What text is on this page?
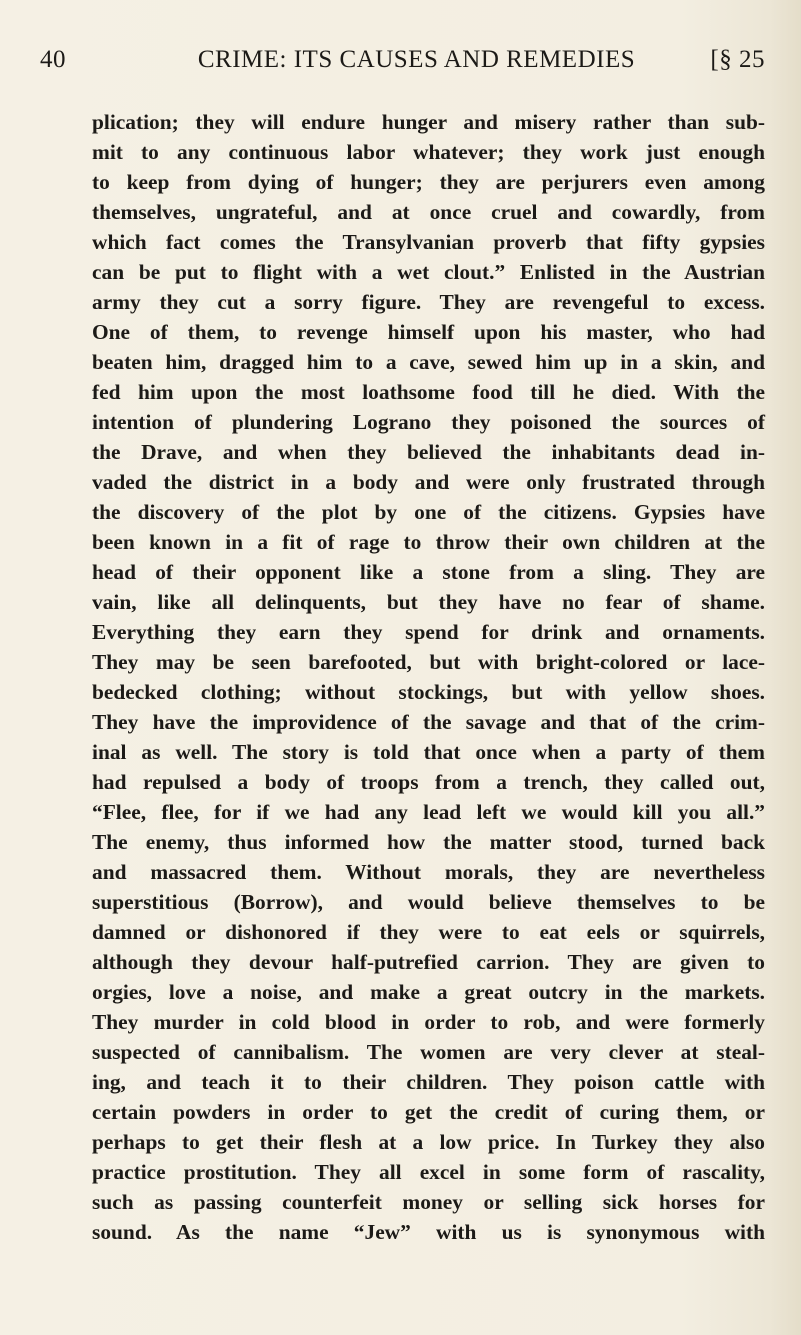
40	CRIME: ITS CAUSES AND REMEDIES	[§ 25
plication; they will endure hunger and misery rather than sub-
mit to any continuous labor whatever; they work just enough
to keep from dying of hunger; they are perjurers even among
themselves, ungrateful, and at once cruel and cowardly, from
which fact comes the Transylvanian proverb that fifty gypsies
can be put to flight with a wet clout.” Enlisted in the Austrian
army they cut a sorry figure. They are revengeful to excess.
One of them, to revenge himself upon his master, who had
beaten him, dragged him to a cave, sewed him up in a skin, and
fed him upon the most loathsome food till he died. With the
intention of plundering Lograno they poisoned the sources of
the Drave, and when they believed the inhabitants dead in-
vaded the district in a body and were only frustrated through
the discovery of the plot by one of the citizens. Gypsies have
been known in a fit of rage to throw their own children at the
head of their opponent like a stone from a sling. They are
vain, like all delinquents, but they have no fear of shame.
Everything they earn they spend for drink and ornaments.
They may be seen barefooted, but with bright-colored or lace-
bedecked clothing; without stockings, but with yellow shoes.
They have the improvidence of the savage and that of the crim-
inal as well. The story is told that once when a party of them
had repulsed a body of troops from a trench, they called out,
“Flee, flee, for if we had any lead left we would kill you all.”
The enemy, thus informed how the matter stood, turned back
and massacred them. Without morals, they are nevertheless
superstitious (Borrow), and would believe themselves to be
damned or dishonored if they were to eat eels or squirrels,
although they devour half-putrefied carrion. They are given to
orgies, love a noise, and make a great outcry in the markets.
They murder in cold blood in order to rob, and were formerly
suspected of cannibalism. The women are very clever at steal-
ing, and teach it to their children. They poison cattle with
certain powders in order to get the credit of curing them, or
perhaps to get their flesh at a low price. In Turkey they also
practice prostitution. They all excel in some form of rascality,
such as passing counterfeit money or selling sick horses for
sound. As the name “Jew” with us is synonymous with
